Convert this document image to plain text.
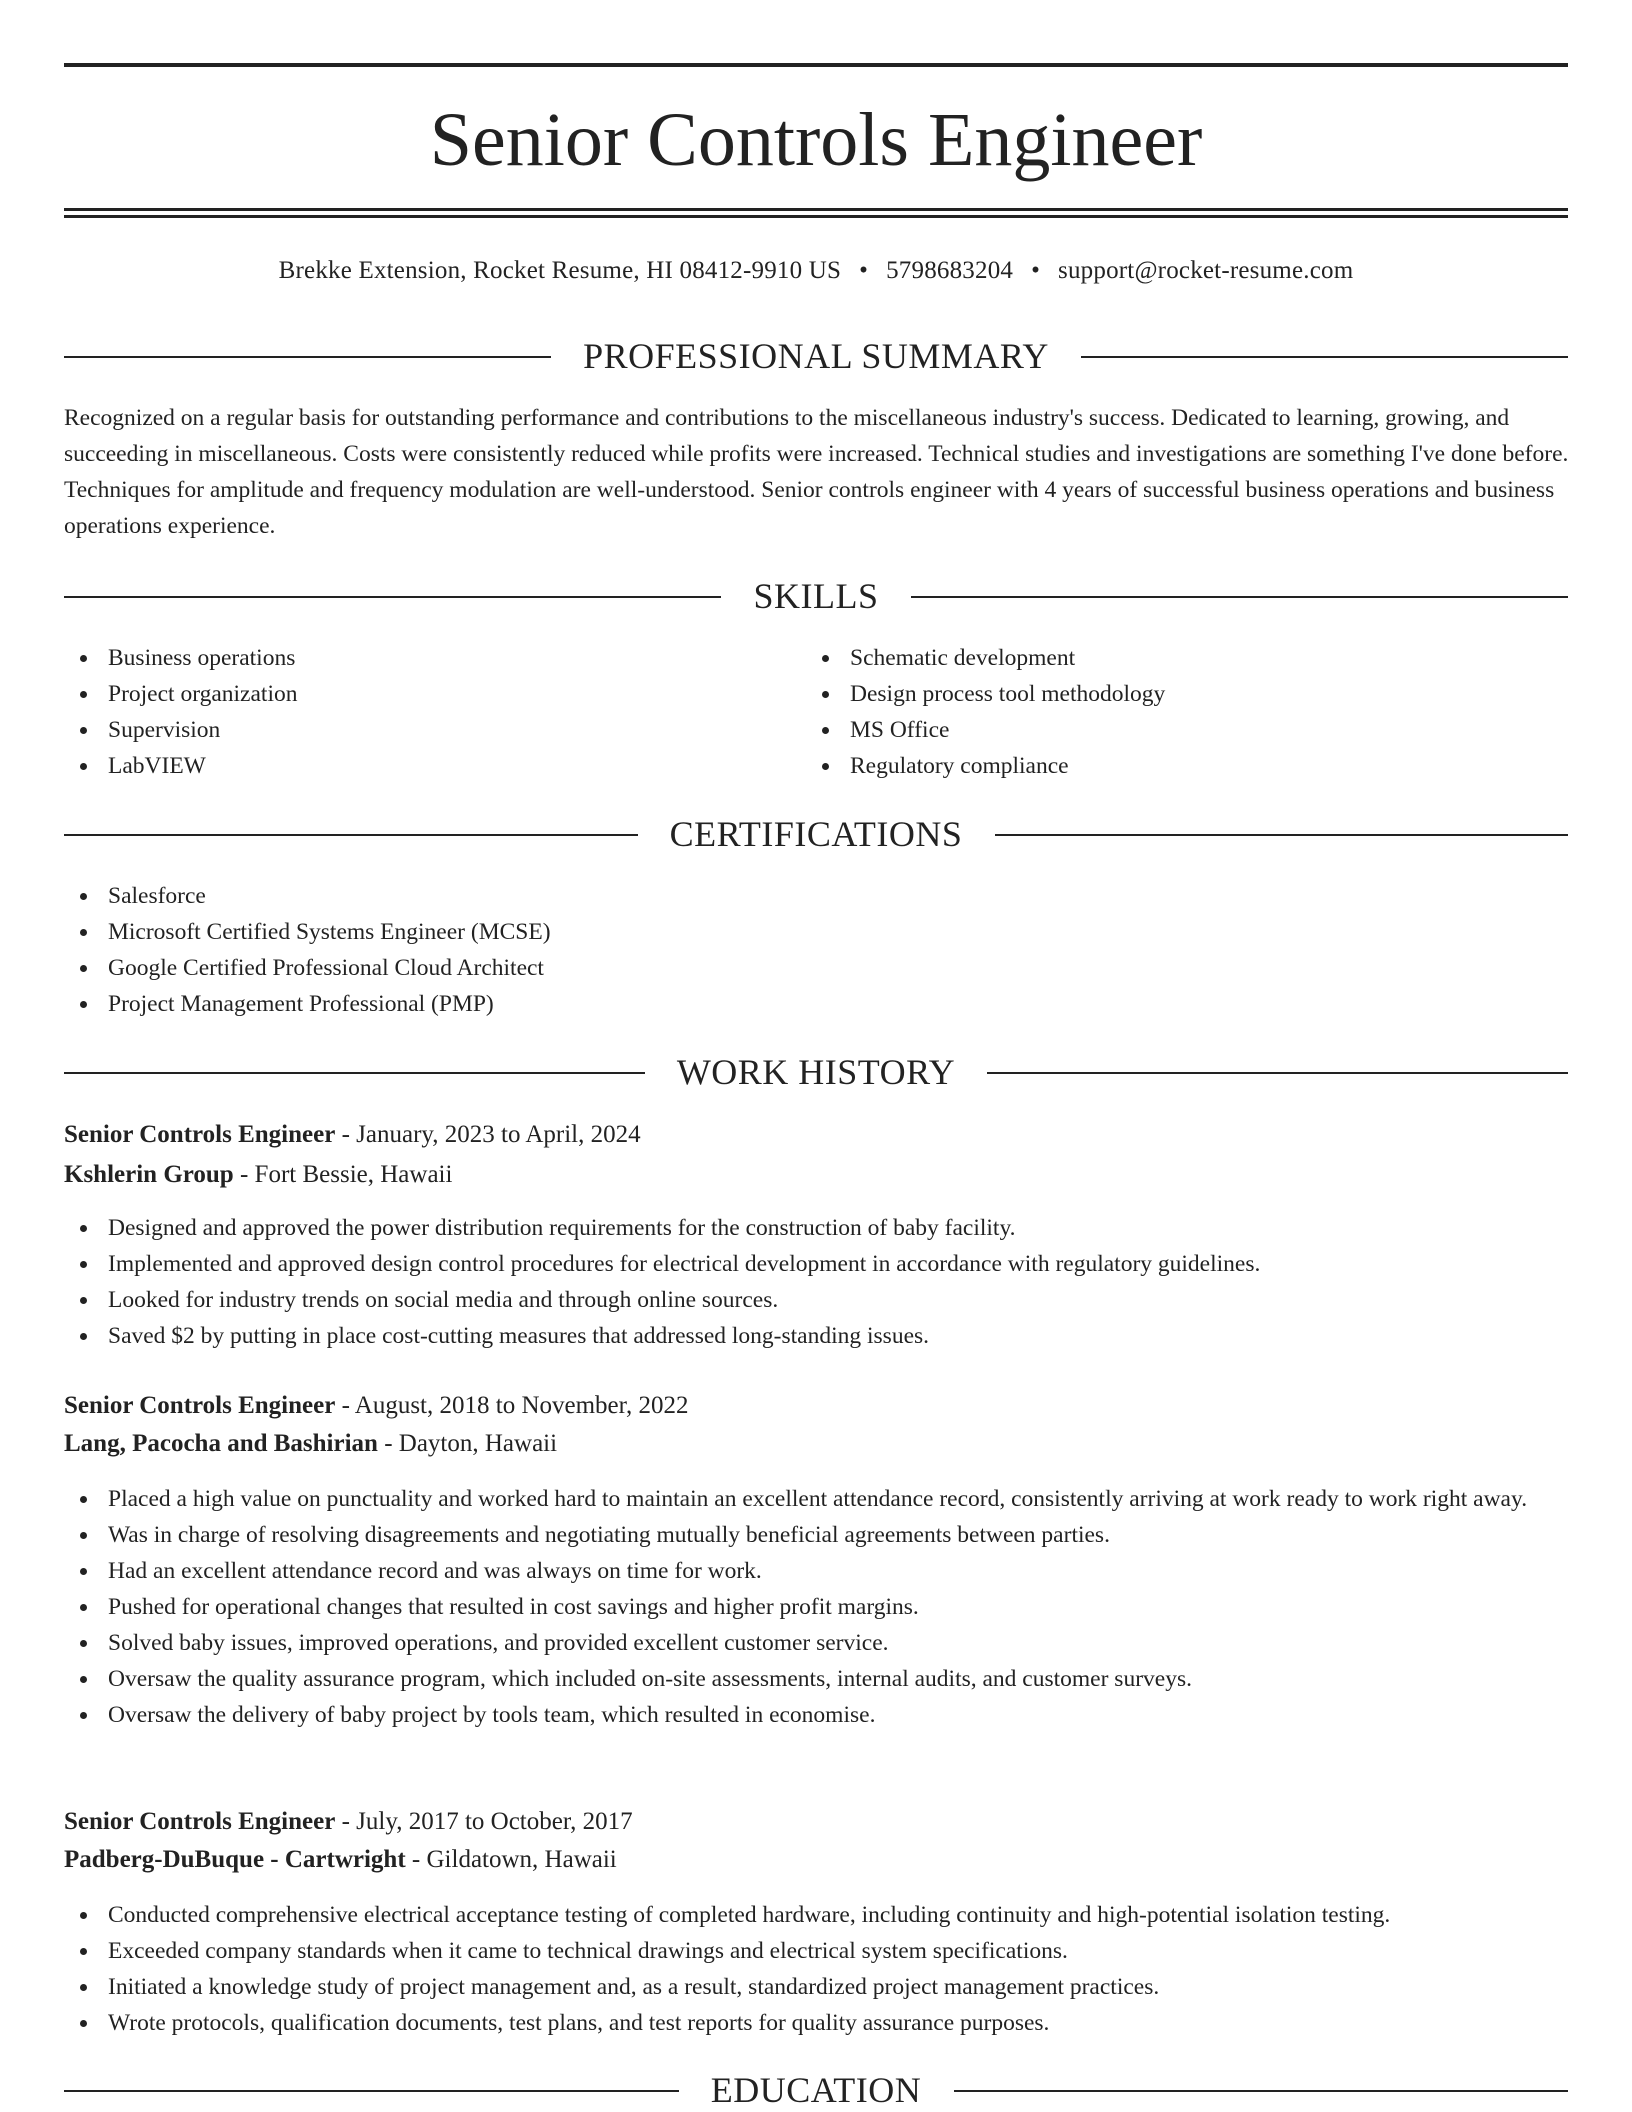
Senior Controls Engineer
Brekke Extension, Rocket Resume, HI 08412-9910 US • 5798683204 • support@rocket-resume.com
PROFESSIONAL SUMMARY
Recognized on a regular basis for outstanding performance and contributions to the miscellaneous industry's success. Dedicated to learning, growing, and succeeding in miscellaneous. Costs were consistently reduced while profits were increased. Technical studies and investigations are something I've done before. Techniques for amplitude and frequency modulation are well-understood. Senior controls engineer with 4 years of successful business operations and business operations experience.
SKILLS
Business operations
Project organization
Supervision
LabVIEW
Schematic development
Design process tool methodology
MS Office
Regulatory compliance
CERTIFICATIONS
Salesforce
Microsoft Certified Systems Engineer (MCSE)
Google Certified Professional Cloud Architect
Project Management Professional (PMP)
WORK HISTORY
Senior Controls Engineer - January, 2023 to April, 2024
Kshlerin Group - Fort Bessie, Hawaii
Designed and approved the power distribution requirements for the construction of baby facility.
Implemented and approved design control procedures for electrical development in accordance with regulatory guidelines.
Looked for industry trends on social media and through online sources.
Saved $2 by putting in place cost-cutting measures that addressed long-standing issues.
Senior Controls Engineer - August, 2018 to November, 2022
Lang, Pacocha and Bashirian - Dayton, Hawaii
Placed a high value on punctuality and worked hard to maintain an excellent attendance record, consistently arriving at work ready to work right away.
Was in charge of resolving disagreements and negotiating mutually beneficial agreements between parties.
Had an excellent attendance record and was always on time for work.
Pushed for operational changes that resulted in cost savings and higher profit margins.
Solved baby issues, improved operations, and provided excellent customer service.
Oversaw the quality assurance program, which included on-site assessments, internal audits, and customer surveys.
Oversaw the delivery of baby project by tools team, which resulted in economise.
Senior Controls Engineer - July, 2017 to October, 2017
Padberg-DuBuque - Cartwright - Gildatown, Hawaii
Conducted comprehensive electrical acceptance testing of completed hardware, including continuity and high-potential isolation testing.
Exceeded company standards when it came to technical drawings and electrical system specifications.
Initiated a knowledge study of project management and, as a result, standardized project management practices.
Wrote protocols, qualification documents, test plans, and test reports for quality assurance purposes.
EDUCATION
